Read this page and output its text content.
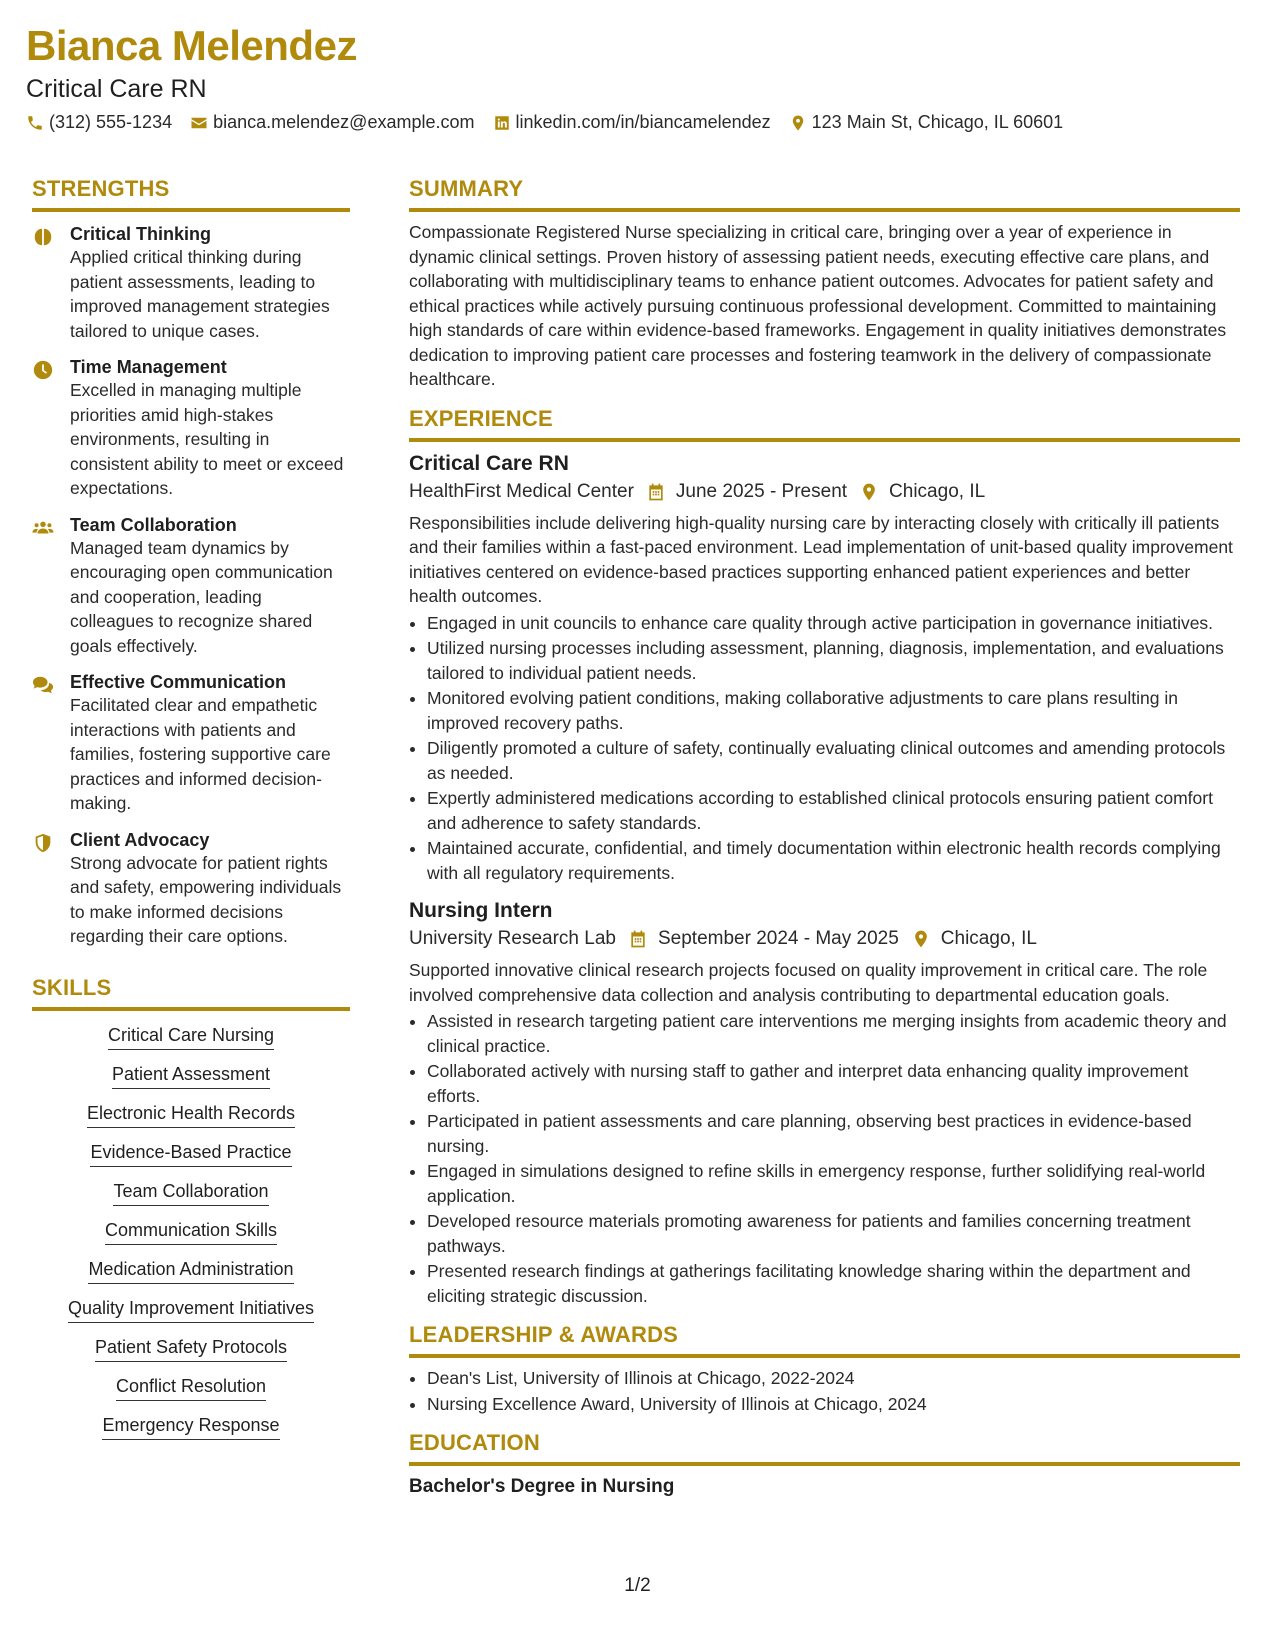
Bianca Melendez
Critical Care RN
(312) 555-1234 bianca.melendez@example.com linkedin.com/in/biancamelendez 123 Main St, Chicago, IL 60601
STRENGTHS
Critical Thinking
Applied critical thinking during patient assessments, leading to improved management strategies tailored to unique cases.
Time Management
Excelled in managing multiple priorities amid high-stakes environments, resulting in consistent ability to meet or exceed expectations.
Team Collaboration
Managed team dynamics by encouraging open communication and cooperation, leading colleagues to recognize shared goals effectively.
Effective Communication
Facilitated clear and empathetic interactions with patients and families, fostering supportive care practices and informed decision-making.
Client Advocacy
Strong advocate for patient rights and safety, empowering individuals to make informed decisions regarding their care options.
SKILLS
Critical Care Nursing
Patient Assessment
Electronic Health Records
Evidence-Based Practice
Team Collaboration
Communication Skills
Medication Administration
Quality Improvement Initiatives
Patient Safety Protocols
Conflict Resolution
Emergency Response
SUMMARY
Compassionate Registered Nurse specializing in critical care, bringing over a year of experience in dynamic clinical settings. Proven history of assessing patient needs, executing effective care plans, and collaborating with multidisciplinary teams to enhance patient outcomes. Advocates for patient safety and ethical practices while actively pursuing continuous professional development. Committed to maintaining high standards of care within evidence-based frameworks. Engagement in quality initiatives demonstrates dedication to improving patient care processes and fostering teamwork in the delivery of compassionate healthcare.
EXPERIENCE
Critical Care RN
HealthFirst Medical Center June 2025 - Present Chicago, IL
Responsibilities include delivering high-quality nursing care by interacting closely with critically ill patients and their families within a fast-paced environment. Lead implementation of unit-based quality improvement initiatives centered on evidence-based practices supporting enhanced patient experiences and better health outcomes.
• Engaged in unit councils to enhance care quality through active participation in governance initiatives.
• Utilized nursing processes including assessment, planning, diagnosis, implementation, and evaluations tailored to individual patient needs.
• Monitored evolving patient conditions, making collaborative adjustments to care plans resulting in improved recovery paths.
• Diligently promoted a culture of safety, continually evaluating clinical outcomes and amending protocols as needed.
• Expertly administered medications according to established clinical protocols ensuring patient comfort and adherence to safety standards.
• Maintained accurate, confidential, and timely documentation within electronic health records complying with all regulatory requirements.
Nursing Intern
University Research Lab September 2024 - May 2025 Chicago, IL
Supported innovative clinical research projects focused on quality improvement in critical care. The role involved comprehensive data collection and analysis contributing to departmental education goals.
• Assisted in research targeting patient care interventions me merging insights from academic theory and clinical practice.
• Collaborated actively with nursing staff to gather and interpret data enhancing quality improvement efforts.
• Participated in patient assessments and care planning, observing best practices in evidence-based nursing.
• Engaged in simulations designed to refine skills in emergency response, further solidifying real-world application.
• Developed resource materials promoting awareness for patients and families concerning treatment pathways.
• Presented research findings at gatherings facilitating knowledge sharing within the department and eliciting strategic discussion.
LEADERSHIP & AWARDS
• Dean's List, University of Illinois at Chicago, 2022-2024
• Nursing Excellence Award, University of Illinois at Chicago, 2024
EDUCATION
Bachelor's Degree in Nursing
1/2
